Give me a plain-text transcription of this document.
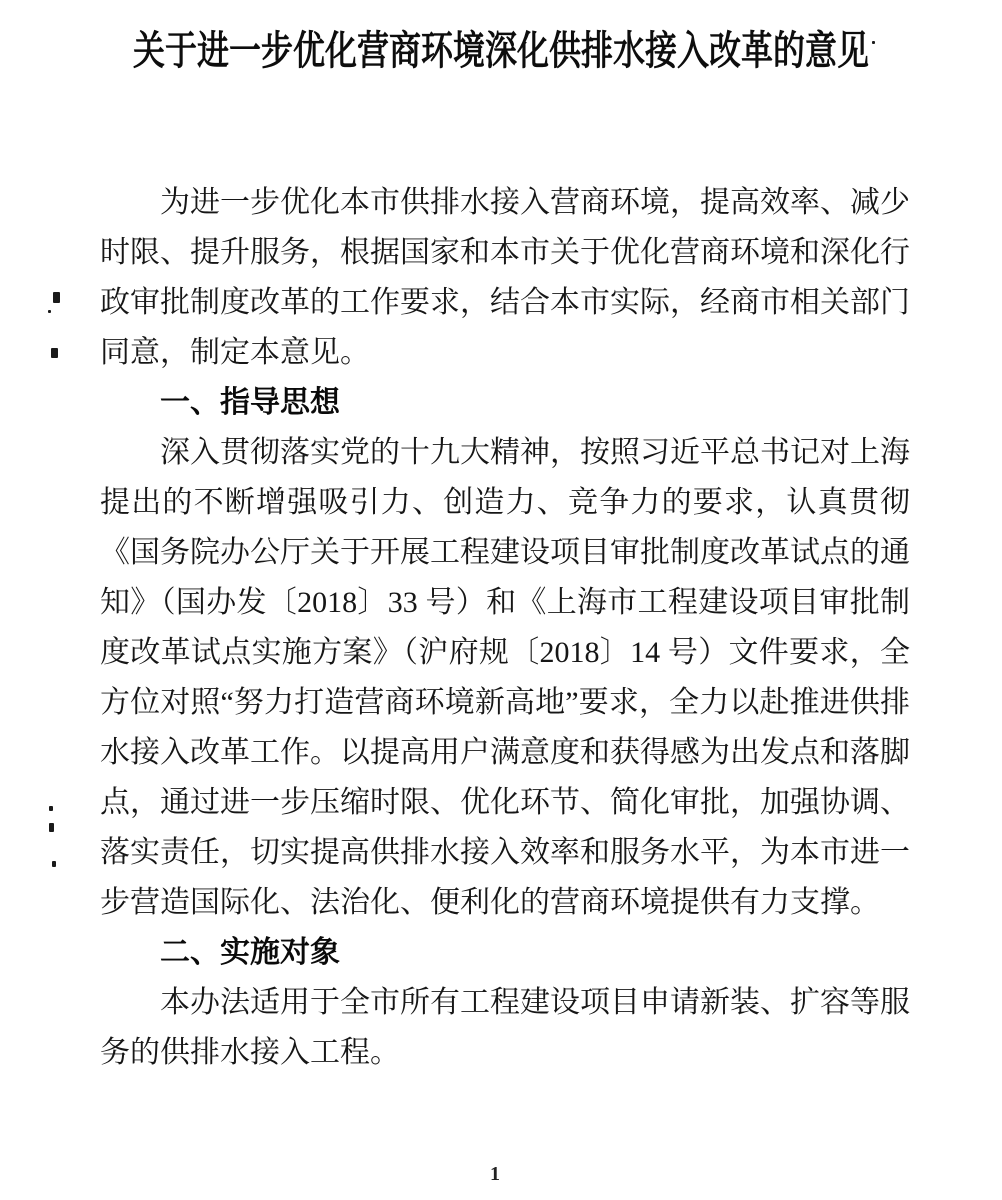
关于进一步优化营商环境深化供排水接入改革的意见

为进一步优化本市供排水接入营商环境，提高效率、减少时限、提升服务，根据国家和本市关于优化营商环境和深化行政审批制度改革的工作要求，结合本市实际，经商市相关部门同意，制定本意见。

一、指导思想

深入贯彻落实党的十九大精神，按照习近平总书记对上海提出的不断增强吸引力、创造力、竞争力的要求，认真贯彻《国务院办公厅关于开展工程建设项目审批制度改革试点的通知》（国办发〔2018〕33 号）和《上海市工程建设项目审批制度改革试点实施方案》（沪府规〔2018〕14 号）文件要求，全方位对照“努力打造营商环境新高地”要求，全力以赴推进供排水接入改革工作。以提高用户满意度和获得感为出发点和落脚点，通过进一步压缩时限、优化环节、简化审批，加强协调、落实责任，切实提高供排水接入效率和服务水平，为本市进一步营造国际化、法治化、便利化的营商环境提供有力支撑。

二、实施对象

本办法适用于全市所有工程建设项目申请新装、扩容等服务的供排水接入工程。

1
